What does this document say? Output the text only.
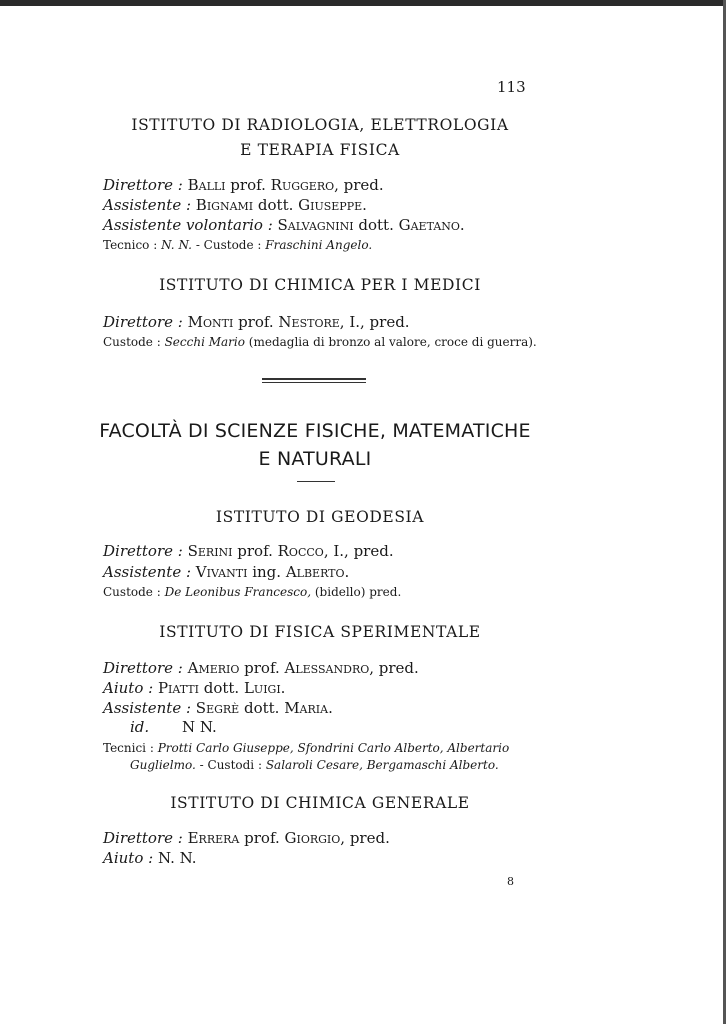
113
ISTITUTO DI RADIOLOGIA, ELETTROLOGIA
E TERAPIA FISICA
Direttore : Balli prof. Ruggero, pred.
Assistente : Bignami dott. Giuseppe.
Assistente volontario : Salvagnini dott. Gaetano.
Tecnico : N. N. - Custode : Fraschini Angelo.
ISTITUTO DI CHIMICA PER I MEDICI
Direttore : Monti prof. Nestore, I., pred.
Custode : Secchi Mario (medaglia di bronzo al valore, croce di guerra).
FACOLTÀ DI SCIENZE FISICHE, MATEMATICHE
E NATURALI
ISTITUTO DI GEODESIA
Direttore : Serini prof. Rocco, I., pred.
Assistente : Vivanti ing. Alberto.
Custode : De Leonibus Francesco, (bidello) pred.
ISTITUTO DI FISICA SPERIMENTALE
Direttore : Amerio prof. Alessandro, pred.
Aiuto : Piatti dott. Luigi.
Assistente : Segrè dott. Maria.
id. N N.
Tecnici : Protti Carlo Giuseppe, Sfondrini Carlo Alberto, Albertario
Guglielmo. - Custodi : Salaroli Cesare, Bergamaschi Alberto.
ISTITUTO DI CHIMICA GENERALE
Direttore : Errera prof. Giorgio, pred.
Aiuto : N. N.
8
